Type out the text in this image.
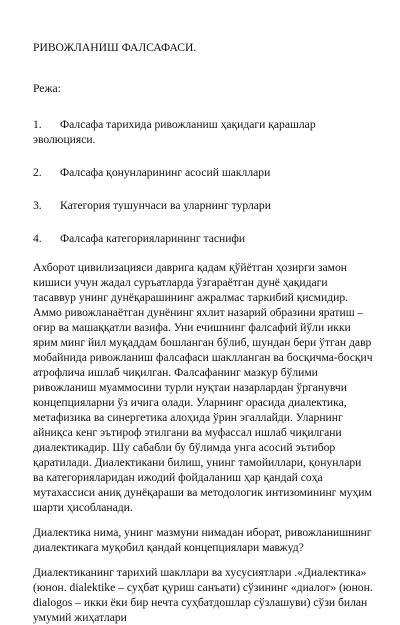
РИВОЖЛАНИШ ФАЛСАФАСИ.

Режа:

1. Фалсафа тарихида ривожланиш ҳақидаги қарашлар эволюцияси.
2. Фалсафа қонунларининг асосий шакллари
3. Категория тушунчаси ва уларнинг турлари
4. Фалсафа категорияларининг таснифи

Ахборот цивилизацияси даврига қадам қўйётган ҳозирги замон кишиси учун жадал суръатларда ўзгараётган дунё ҳақидаги тасаввур унинг дунёқарашининг ажралмас таркибий қисмидир. Аммо ривожланаётган дунёнинг яхлит назарий образини яратиш – оғир ва машаққатли вазифа. Уни ечишнинг фалсафий йўли икки ярим минг йил муқаддам бошланган бўлиб, шундан бери ўтган давр мобайнида ривожланиш фалсафаси шаклланган ва босқичма-босқич атрофлича ишлаб чиқилган. Фалсафанинг мазкур бўлими ривожланиш муаммосини турли нуқтаи назарлардан ўрганувчи концепцияларни ўз ичига олади. Уларнинг орасида диалектика, метафизика ва синергетика алоҳида ўрин эгаллайди. Уларнинг айниқса кенг эътироф этилгани ва муфассал ишлаб чиқилгани диалектикадир. Шу сабабли бу бўлимда унга асосий эътибор қаратилади. Диалектикани билиш, унинг тамойиллари, қонунлари ва категорияларидан ижодий фойдаланиш ҳар қандай соҳа мутахассиси аниқ дунёқараши ва методологик интизомининг муҳим шарти ҳисобланади.

Диалектика нима, унинг мазмуни нимадан иборат, ривожланишнинг диалектикага муқобил қандай концепциялари мавжуд?

Диалектиканинг тарихий шакллари ва хусусиятлари .«Диалектика» (юнон. dialektike – суҳбат қуриш санъати) сўзининг «диалог» (юнон. dialogos – икки ёки бир нечта суҳбатдошлар сўзлашуви) сўзи билан умумий жиҳатлари
